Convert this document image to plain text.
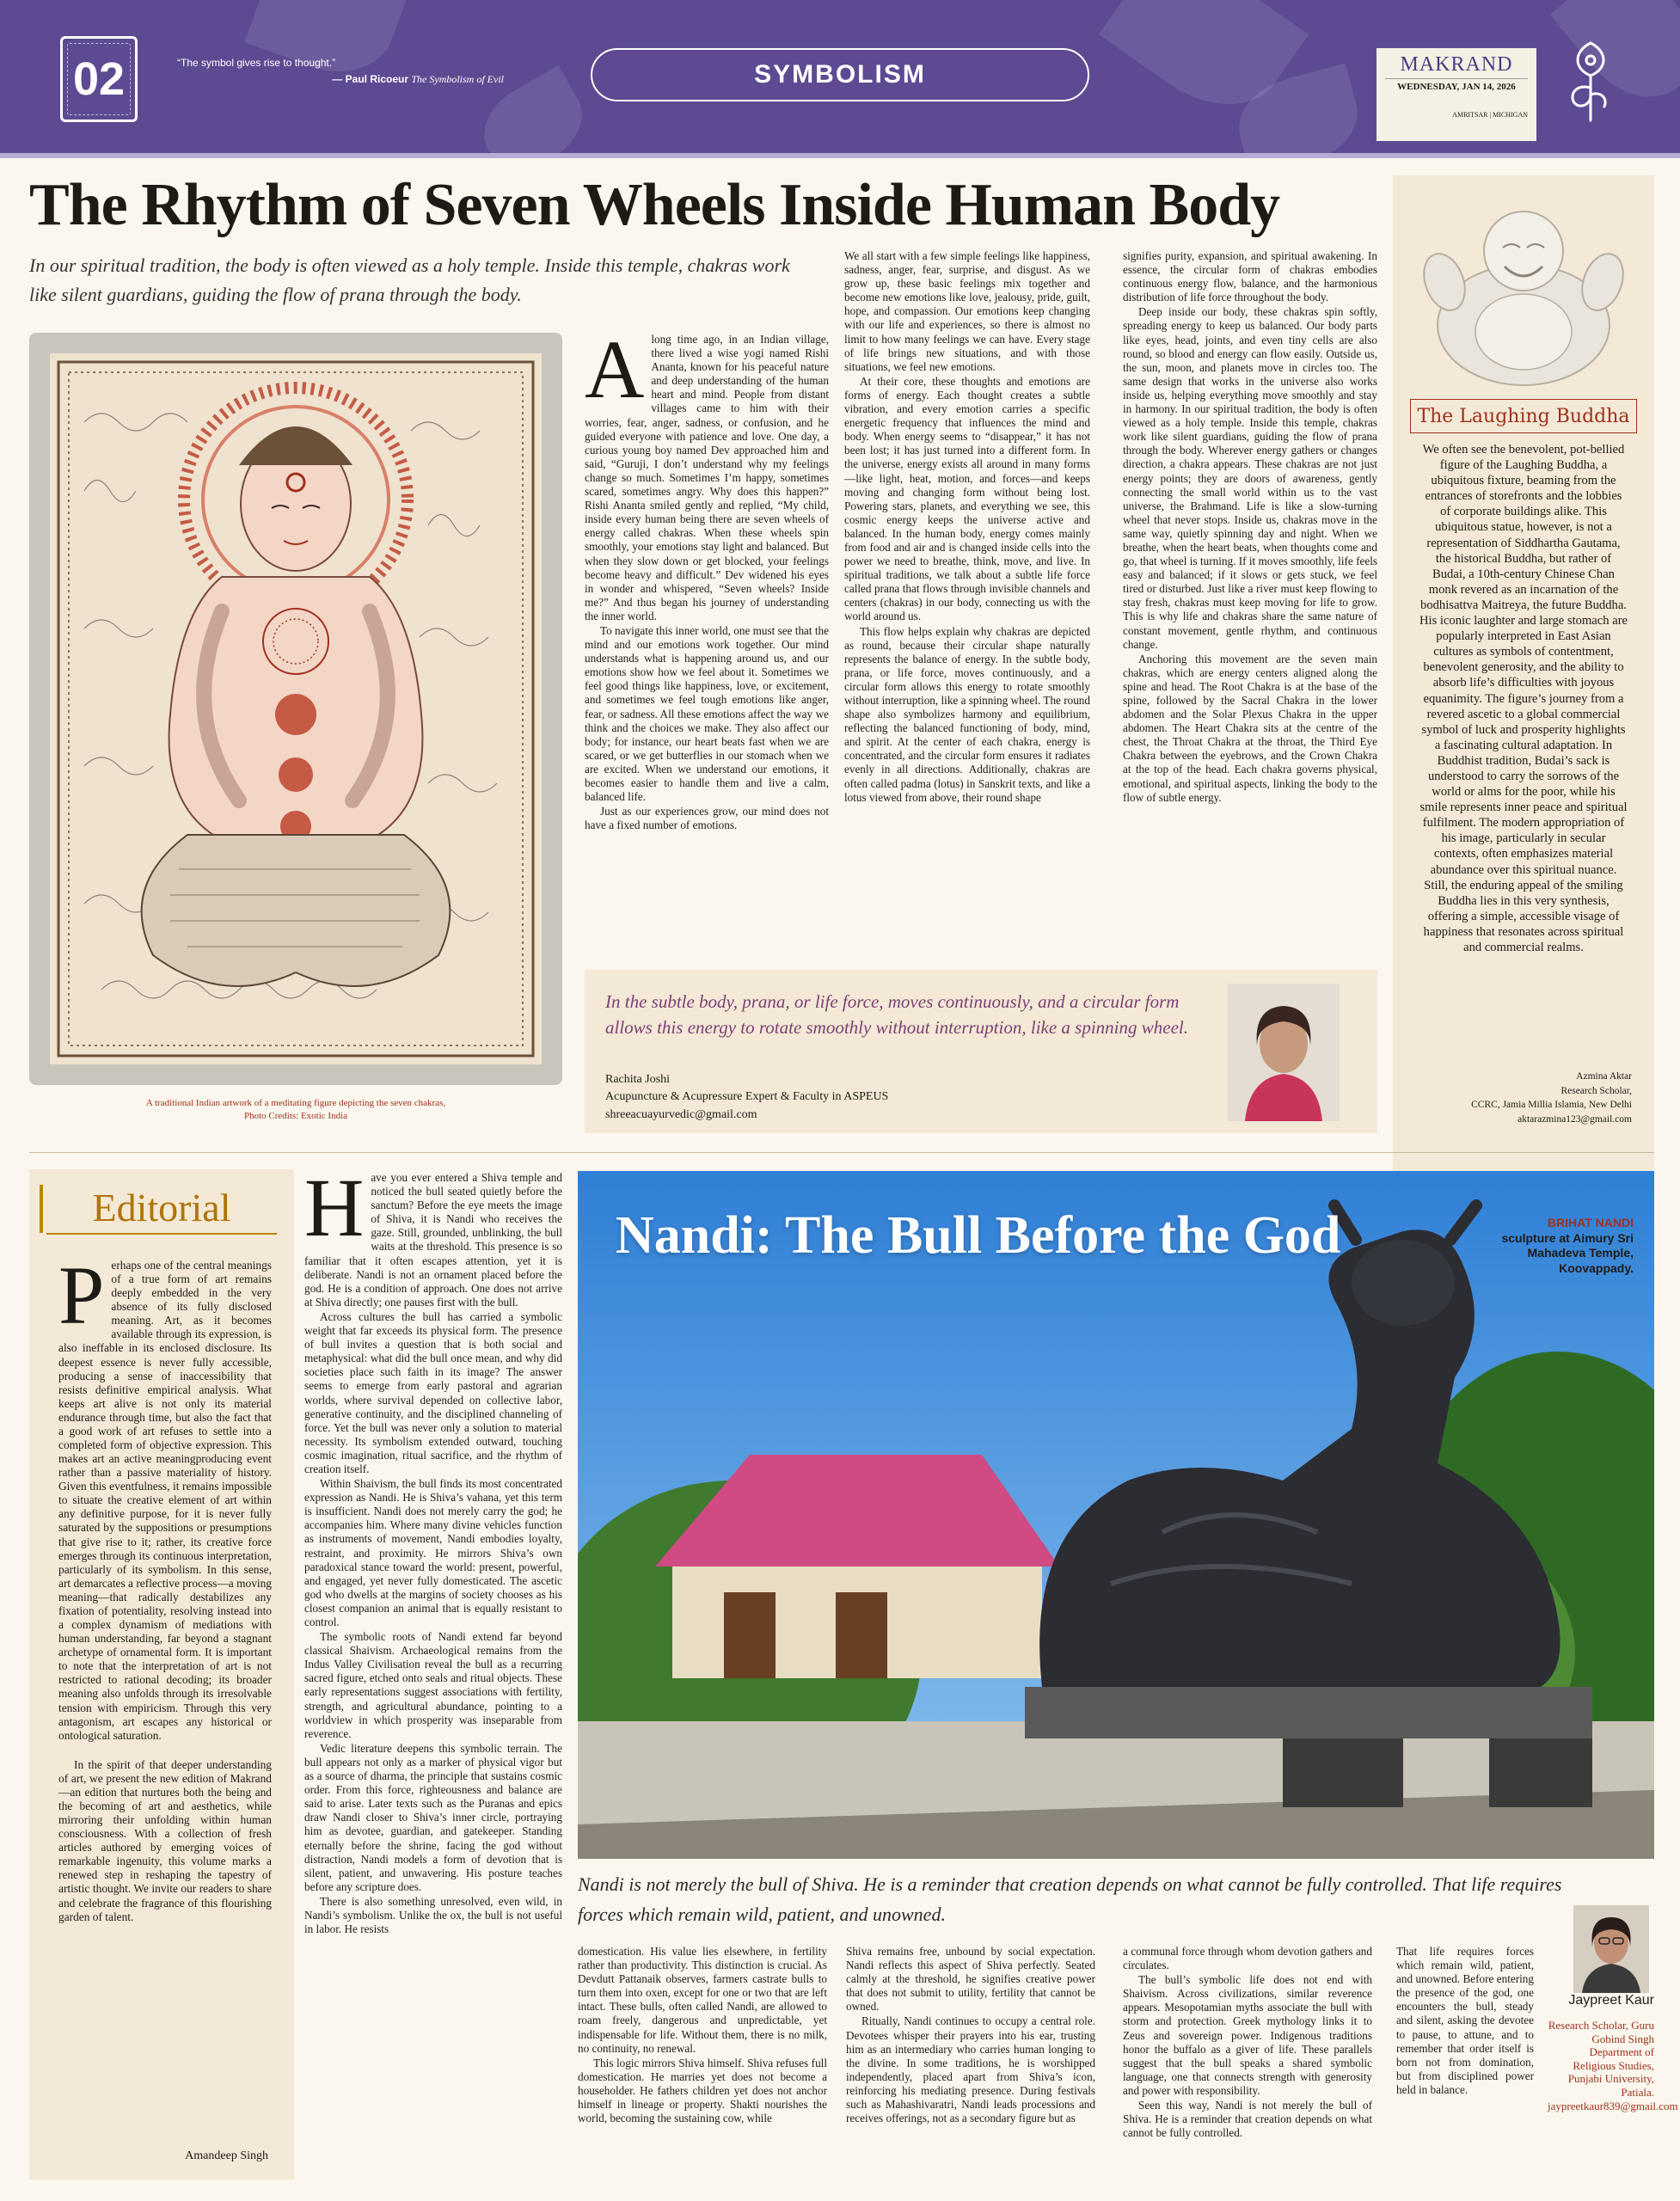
02	“The symbol gives rise to thought.”
— Paul Ricoeur The Symbolism of Evil	SYMBOLISM	MAKRAND
WEDNESDAY, JAN 14, 2026
AMRITSAR | MICHIGAN
The Rhythm of Seven Wheels Inside Human Body

In our spiritual tradition, the body is often viewed as a holy temple. Inside this temple, chakras work like silent guardians, guiding the flow of prana through the body.

A traditional Indian artwork of a meditating figure depicting the seven chakras,
Photo Credits: Exotic India
A long time ago, in an Indian village, there lived a wise yogi named Rishi Ananta, known for his peaceful nature and deep understanding of the human heart and mind. People from distant villages came to him with their worries, fear, anger, sadness, or confusion, and he guided everyone with patience and love. One day, a curious young boy named Dev approached him and said, “Guruji, I don’t understand why my feelings change so much. Sometimes I’m happy, sometimes scared, sometimes angry. Why does this happen?” Rishi Ananta smiled gently and replied, “My child, inside every human being there are seven wheels of energy called chakras. When these wheels spin smoothly, your emotions stay light and balanced. But when they slow down or get blocked, your feelings become heavy and difficult.” Dev widened his eyes in wonder and whispered, “Seven wheels? Inside me?” And thus began his journey of understanding the inner world.

To navigate this inner world, one must see that the mind and our emotions work together. Our mind understands what is happening around us, and our emotions show how we feel about it. Sometimes we feel good things like happiness, love, or excitement, and sometimes we feel tough emotions like anger, fear, or sadness. All these emotions affect the way we think and the choices we make. They also affect our body; for instance, our heart beats fast when we are scared, or we get butterflies in our stomach when we are excited. When we understand our emotions, it becomes easier to handle them and live a calm, balanced life.

Just as our experiences grow, our mind does not have a fixed number of emotions.

We all start with a few simple feelings like happiness, sadness, anger, fear, surprise, and disgust. As we grow up, these basic feelings mix together and become new emotions like love, jealousy, pride, guilt, hope, and compassion. Our emotions keep changing with our life and experiences, so there is almost no limit to how many feelings we can have. Every stage of life brings new situations, and with those situations, we feel new emotions.

At their core, these thoughts and emotions are forms of energy. Each thought creates a subtle vibration, and every emotion carries a specific energetic frequency that influences the mind and body. When energy seems to “disappear,” it has not been lost; it has just turned into a different form. In the universe, energy exists all around in many forms—like light, heat, motion, and forces—and keeps moving and changing form without being lost. Powering stars, planets, and everything we see, this cosmic energy keeps the universe active and balanced. In the human body, energy comes mainly from food and air and is changed inside cells into the power we need to breathe, think, move, and live. In spiritual traditions, we talk about a subtle life force called prana that flows through invisible channels and centers (chakras) in our body, connecting us with the world around us.

This flow helps explain why chakras are depicted as round, because their circular shape naturally represents the balance of energy. In the subtle body, prana, or life force, moves continuously, and a circular form allows this energy to rotate smoothly without interruption, like a spinning wheel. The round shape also symbolizes harmony and equilibrium, reflecting the balanced functioning of body, mind, and spirit. At the center of each chakra, energy is concentrated, and the circular form ensures it radiates evenly in all directions. Additionally, chakras are often called padma (lotus) in Sanskrit texts, and like a lotus viewed from above, their round shape

signifies purity, expansion, and spiritual awakening. In essence, the circular form of chakras embodies continuous energy flow, balance, and the harmonious distribution of life force throughout the body.

Deep inside our body, these chakras spin softly, spreading energy to keep us balanced. Our body parts like eyes, head, joints, and even tiny cells are also round, so blood and energy can flow easily. Outside us, the sun, moon, and planets move in circles too. The same design that works in the universe also works inside us, helping everything move smoothly and stay in harmony. In our spiritual tradition, the body is often viewed as a holy temple. Inside this temple, chakras work like silent guardians, guiding the flow of prana through the body. Wherever energy gathers or changes direction, a chakra appears. These chakras are not just energy points; they are doors of awareness, gently connecting the small world within us to the vast universe, the Brahmand. Life is like a slow-turning wheel that never stops. Inside us, chakras move in the same way, quietly spinning day and night. When we breathe, when the heart beats, when thoughts come and go, that wheel is turning. If it moves smoothly, life feels easy and balanced; if it slows or gets stuck, we feel tired or disturbed. Just like a river must keep flowing to stay fresh, chakras must keep moving for life to grow. This is why life and chakras share the same nature of constant movement, gentle rhythm, and continuous change.

Anchoring this movement are the seven main chakras, which are energy centers aligned along the spine and head. The Root Chakra is at the base of the spine, followed by the Sacral Chakra in the lower abdomen and the Solar Plexus Chakra in the upper abdomen. The Heart Chakra sits at the centre of the chest, the Throat Chakra at the throat, the Third Eye Chakra between the eyebrows, and the Crown Chakra at the top of the head. Each chakra governs physical, emotional, and spiritual aspects, linking the body to the flow of subtle energy.

In the subtle body, prana, or life force, moves continuously, and a circular form allows this energy to rotate smoothly without interruption, like a spinning wheel.

Rachita Joshi
Acupuncture & Acupressure Expert & Faculty in ASPEUS
shreeacuayurvedic@gmail.com
The Laughing Buddha

We often see the benevolent, pot-bellied figure of the Laughing Buddha, a ubiquitous fixture, beaming from the entrances of storefronts and the lobbies of corporate buildings alike. This ubiquitous statue, however, is not a representation of Siddhartha Gautama, the historical Buddha, but rather of Budai, a 10th-century Chinese Chan monk revered as an incarnation of the bodhisattva Maitreya, the future Buddha. His iconic laughter and large stomach are popularly interpreted in East Asian cultures as symbols of contentment, benevolent generosity, and the ability to absorb life’s difficulties with joyous equanimity. The figure’s journey from a revered ascetic to a global commercial symbol of luck and prosperity highlights a fascinating cultural adaptation. In Buddhist tradition, Budai’s sack is understood to carry the sorrows of the world or alms for the poor, while his smile represents inner peace and spiritual fulfilment. The modern appropriation of his image, particularly in secular contexts, often emphasizes material abundance over this spiritual nuance. Still, the enduring appeal of the smiling Buddha lies in this very synthesis, offering a simple, accessible visage of happiness that resonates across spiritual and commercial realms.

Azmina Aktar
Research Scholar,
CCRC, Jamia Millia Islamia, New Delhi
aktarazmina123@gmail.com
Editorial
P erhaps one of the central meanings of a true form of art remains deeply embedded in the very absence of its fully disclosed meaning. Art, as it becomes available through its expression, is also ineffable in its enclosed disclosure. Its deepest essence is never fully accessible, producing a sense of inaccessibility that resists definitive empirical analysis. What keeps art alive is not only its material endurance through time, but also the fact that a good work of art refuses to settle into a completed form of objective expression. This makes art an active meaningproducing event rather than a passive materiality of history. Given this eventfulness, it remains impossible to situate the creative element of art within any definitive purpose, for it is never fully saturated by the suppositions or presumptions that give rise to it; rather, its creative force emerges through its continuous interpretation, particularly of its symbolism. In this sense, art demarcates a reflective process—a moving meaning—that radically destabilizes any fixation of potentiality, resolving instead into a complex dynamism of mediations with human understanding, far beyond a stagnant archetype of ornamental form. It is important to note that the interpretation of art is not restricted to rational decoding; its broader meaning also unfolds through its irresolvable tension with empiricism. Through this very antagonism, art escapes any historical or ontological saturation.

In the spirit of that deeper understanding of art, we present the new edition of Makrand—an edition that nurtures both the being and the becoming of art and aesthetics, while mirroring their unfolding within human consciousness. With a collection of fresh articles authored by emerging voices of remarkable ingenuity, this volume marks a renewed step in reshaping the tapestry of artistic thought. We invite our readers to share and celebrate the fragrance of this flourishing garden of talent.

Amandeep Singh
H ave you ever entered a Shiva temple and noticed the bull seated quietly before the sanctum? Before the eye meets the image of Shiva, it is Nandi who receives the gaze. Still, grounded, unblinking, the bull waits at the threshold. This presence is so familiar that it often escapes attention, yet it is deliberate. Nandi is not an ornament placed before the god. He is a condition of approach. One does not arrive at Shiva directly; one pauses first with the bull.

Across cultures the bull has carried a symbolic weight that far exceeds its physical form. The presence of bull invites a question that is both social and metaphysical: what did the bull once mean, and why did societies place such faith in its image? The answer seems to emerge from early pastoral and agrarian worlds, where survival depended on collective labor, generative continuity, and the disciplined channeling of force. Yet the bull was never only a solution to material necessity. Its symbolism extended outward, touching cosmic imagination, ritual sacrifice, and the rhythm of creation itself.

Within Shaivism, the bull finds its most concentrated expression as Nandi. He is Shiva’s vahana, yet this term is insufficient. Nandi does not merely carry the god; he accompanies him. Where many divine vehicles function as instruments of movement, Nandi embodies loyalty, restraint, and proximity. He mirrors Shiva’s own paradoxical stance toward the world: present, powerful, and engaged, yet never fully domesticated. The ascetic god who dwells at the margins of society chooses as his closest companion an animal that is equally resistant to control.

The symbolic roots of Nandi extend far beyond classical Shaivism. Archaeological remains from the Indus Valley Civilisation reveal the bull as a recurring sacred figure, etched onto seals and ritual objects. These early representations suggest associations with fertility, strength, and agricultural abundance, pointing to a worldview in which prosperity was inseparable from reverence.

Vedic literature deepens this symbolic terrain. The bull appears not only as a marker of physical vigor but as a source of dharma, the principle that sustains cosmic order. From this force, righteousness and balance are said to arise. Later texts such as the Puranas and epics draw Nandi closer to Shiva’s inner circle, portraying him as devotee, guardian, and gatekeeper. Standing eternally before the shrine, facing the god without distraction, Nandi models a form of devotion that is silent, patient, and unwavering. His posture teaches before any scripture does.

There is also something unresolved, even wild, in Nandi’s symbolism. Unlike the ox, the bull is not useful in labor. He resists

Nandi: The Bull Before the God	BRIHAT NANDI
sculpture at Aimury Sri Mahadeva Temple, Koovappady.

Nandi is not merely the bull of Shiva. He is a reminder that creation depends on what cannot be fully controlled. That life requires forces which remain wild, patient, and unowned.

domestication. His value lies elsewhere, in fertility rather than productivity. This distinction is crucial. As Devdutt Pattanaik observes, farmers castrate bulls to turn them into oxen, except for one or two that are left intact. These bulls, often called Nandi, are allowed to roam freely, dangerous and unpredictable, yet indispensable for life. Without them, there is no milk, no continuity, no renewal.

This logic mirrors Shiva himself. Shiva refuses full domestication. He marries yet does not become a householder. He fathers children yet does not anchor himself in lineage or property. Shakti nourishes the world, becoming the sustaining cow, while

Shiva remains free, unbound by social expectation. Nandi reflects this aspect of Shiva perfectly. Seated calmly at the threshold, he signifies creative power that does not submit to utility, fertility that cannot be owned.

Ritually, Nandi continues to occupy a central role. Devotees whisper their prayers into his ear, trusting him as an intermediary who carries human longing to the divine. In some traditions, he is worshipped independently, placed apart from Shiva’s icon, reinforcing his mediating presence. During festivals such as Mahashivaratri, Nandi leads processions and receives offerings, not as a secondary figure but as

a communal force through whom devotion gathers and circulates.

The bull’s symbolic life does not end with Shaivism. Across civilizations, similar reverence appears. Mesopotamian myths associate the bull with storm and protection. Greek mythology links it to Zeus and sovereign power. Indigenous traditions honor the buffalo as a giver of life. These parallels suggest that the bull speaks a shared symbolic language, one that connects strength with generosity and power with responsibility.

Seen this way, Nandi is not merely the bull of Shiva. He is a reminder that creation depends on what cannot be fully controlled.

That life requires forces which remain wild, patient, and unowned. Before entering the presence of the god, one encounters the bull, steady and silent, asking the devotee to pause, to attune, and to remember that order itself is born not from domination, but from disciplined power held in balance.

Jaypreet Kaur
Research Scholar, Guru Gobind Singh Department of Religious Studies, Punjabi University, Patiala. jaypreetkaur839@gmail.com
